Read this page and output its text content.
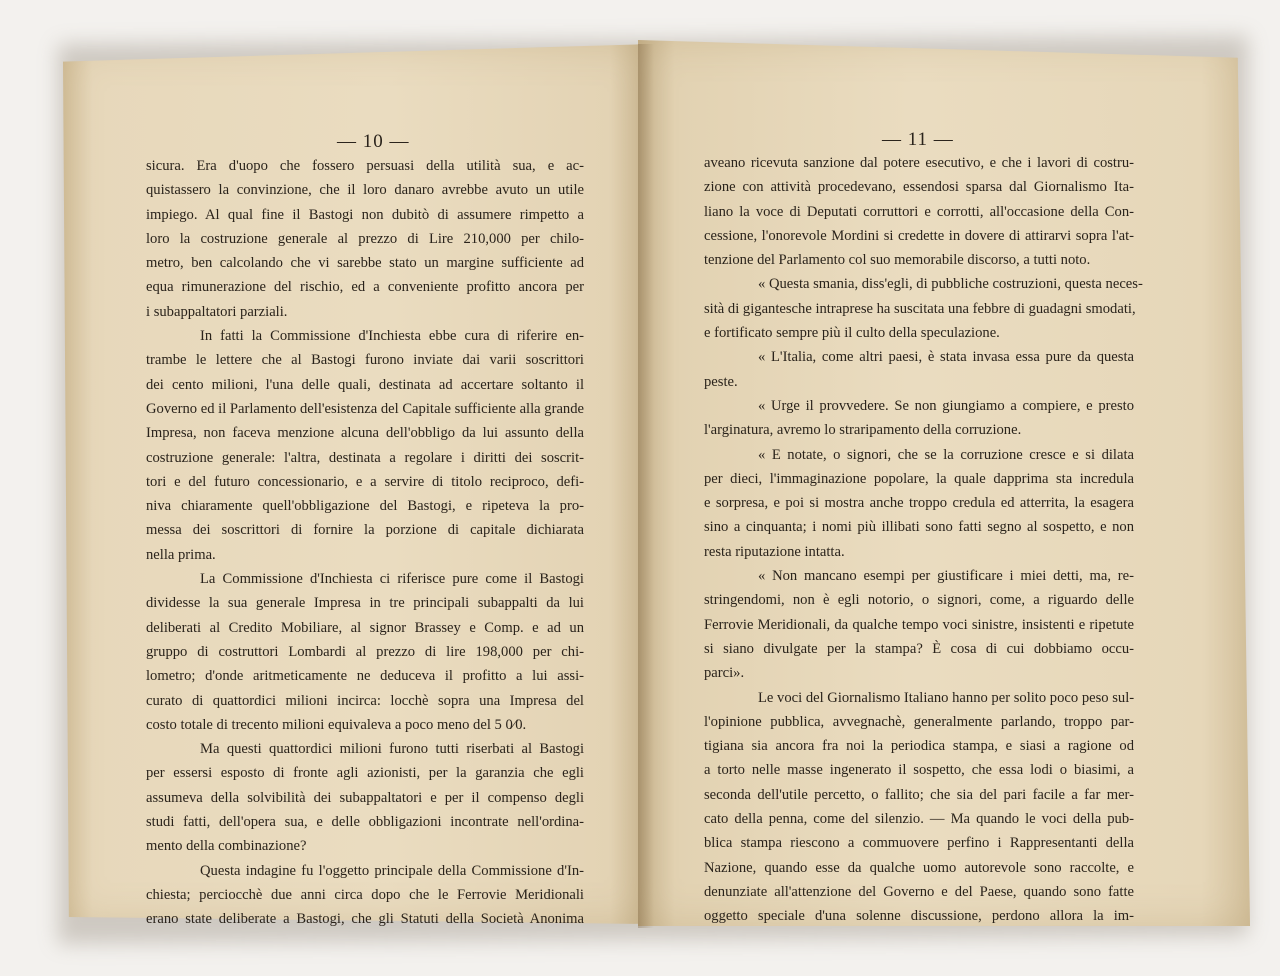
— 10 —	— 11 —
sicura. Era d'uopo che fossero persuasi della utilità sua, e ac-
quistassero la convinzione, che il loro danaro avrebbe avuto un utile
impiego. Al qual fine il Bastogi non dubitò di assumere rimpetto a
loro la costruzione generale al prezzo di Lire 210,000 per chilo-
metro, ben calcolando che vi sarebbe stato un margine sufficiente ad
equa rimunerazione del rischio, ed a conveniente profitto ancora per
i subappaltatori parziali.
In fatti la Commissione d'Inchiesta ebbe cura di riferire en-
trambe le lettere che al Bastogi furono inviate dai varii soscrittori
dei cento milioni, l'una delle quali, destinata ad accertare soltanto il
Governo ed il Parlamento dell'esistenza del Capitale sufficiente alla grande
Impresa, non faceva menzione alcuna dell'obbligo da lui assunto della
costruzione generale: l'altra, destinata a regolare i diritti dei soscrit-
tori e del futuro concessionario, e a servire di titolo reciproco, defi-
niva chiaramente quell'obbligazione del Bastogi, e ripeteva la pro-
messa dei soscrittori di fornire la porzione di capitale dichiarata
nella prima.
La Commissione d'Inchiesta ci riferisce pure come il Bastogi
dividesse la sua generale Impresa in tre principali subappalti da lui
deliberati al Credito Mobiliare, al signor Brassey e Comp. e ad un
gruppo di costruttori Lombardi al prezzo di lire 198,000 per chi-
lometro; d'onde aritmeticamente ne deduceva il profitto a lui assi-
curato di quattordici milioni incirca: locchè sopra una Impresa del
costo totale di trecento milioni equivaleva a poco meno del 5 0⁄0.
Ma questi quattordici milioni furono tutti riserbati al Bastogi
per essersi esposto di fronte agli azionisti, per la garanzia che egli
assumeva della solvibilità dei subappaltatori e per il compenso degli
studi fatti, dell'opera sua, e delle obbligazioni incontrate nell'ordina-
mento della combinazione?
Questa indagine fu l'oggetto principale della Commissione d'In-
chiesta; perciocchè due anni circa dopo che le Ferrovie Meridionali
erano state deliberate a Bastogi, che gli Statuti della Società Anonima
aveano ricevuta sanzione dal potere esecutivo, e che i lavori di costru-
zione con attività procedevano, essendosi sparsa dal Giornalismo Ita-
liano la voce di Deputati corruttori e corrotti, all'occasione della Con-
cessione, l'onorevole Mordini si credette in dovere di attirarvi sopra l'at-
tenzione del Parlamento col suo memorabile discorso, a tutti noto.
« Questa smania, diss'egli, di pubbliche costruzioni, questa neces-
sità di gigantesche intraprese ha suscitata una febbre di guadagni smodati,
e fortificato sempre più il culto della speculazione.
« L'Italia, come altri paesi, è stata invasa essa pure da questa
peste.
« Urge il provvedere. Se non giungiamo a compiere, e presto
l'arginatura, avremo lo straripamento della corruzione.
« E notate, o signori, che se la corruzione cresce e si dilata
per dieci, l'immaginazione popolare, la quale dapprima sta incredula
e sorpresa, e poi si mostra anche troppo credula ed atterrita, la esagera
sino a cinquanta; i nomi più illibati sono fatti segno al sospetto, e non
resta riputazione intatta.
« Non mancano esempi per giustificare i miei detti, ma, re-
stringendomi, non è egli notorio, o signori, come, a riguardo delle
Ferrovie Meridionali, da qualche tempo voci sinistre, insistenti e ripetute
si siano divulgate per la stampa? È cosa di cui dobbiamo occu-
parci».
Le voci del Giornalismo Italiano hanno per solito poco peso sul-
l'opinione pubblica, avvegnachè, generalmente parlando, troppo par-
tigiana sia ancora fra noi la periodica stampa, e siasi a ragione od
a torto nelle masse ingenerato il sospetto, che essa lodi o biasimi, a
seconda dell'utile percetto, o fallito; che sia del pari facile a far mer-
cato della penna, come del silenzio. — Ma quando le voci della pub-
blica stampa riescono a commuovere perfino i Rappresentanti della
Nazione, quando esse da qualche uomo autorevole sono raccolte, e
denunziate all'attenzione del Governo e del Paese, quando sono fatte
oggetto speciale d'una solenne discussione, perdono allora la im-
